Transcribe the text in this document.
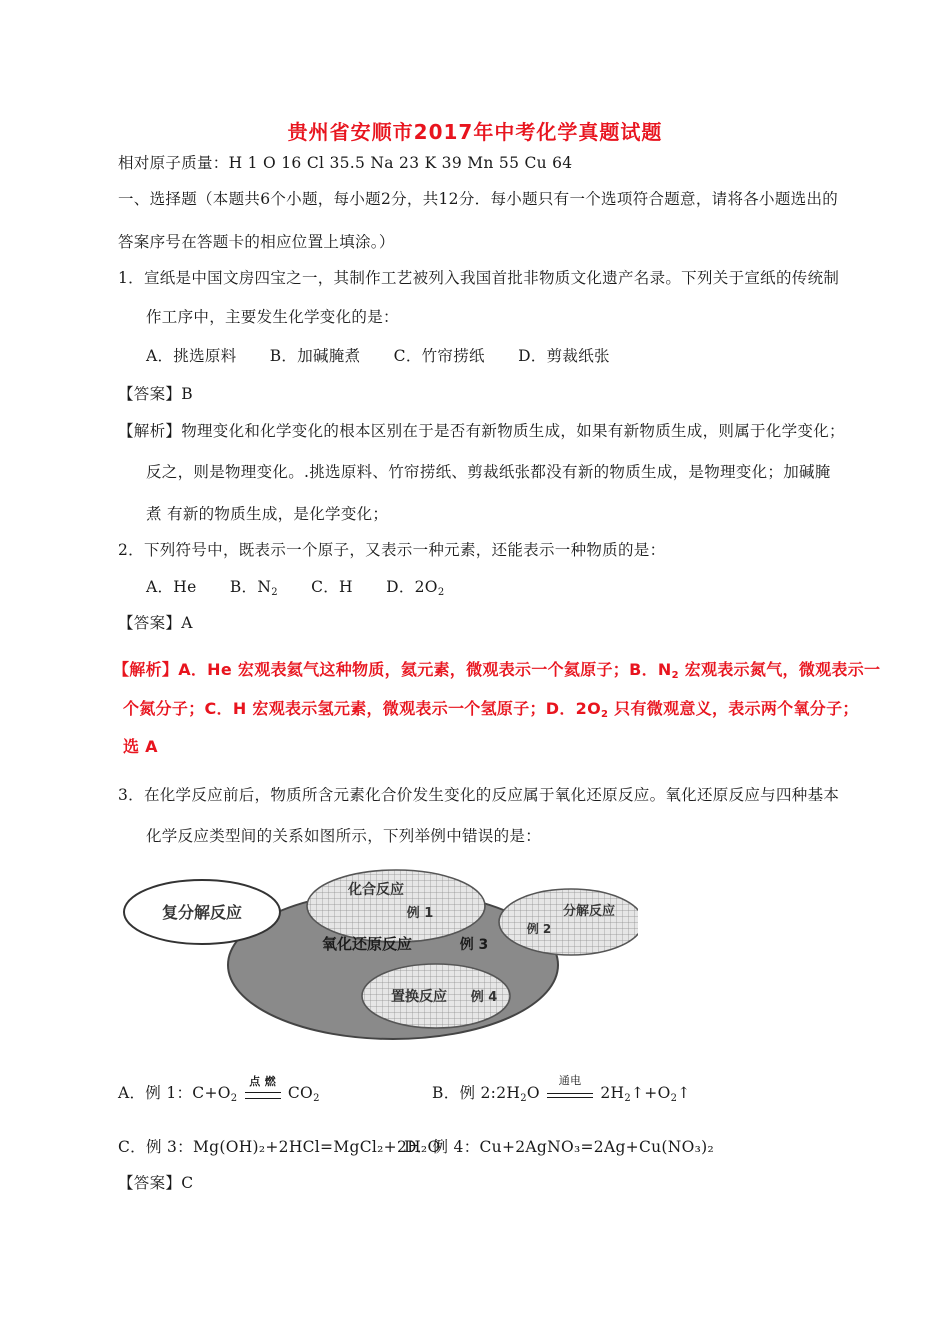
贵州省安顺市2017年中考化学真题试题
相对原子质量：H 1 O 16 Cl 35.5 Na 23 K 39 Mn 55 Cu 64
一、选择题（本题共6个小题，每小题2分，共12分．每小题只有一个选项符合题意，请将各小题选出的
答案序号在答题卡的相应位置上填涂。）
1．宣纸是中国文房四宝之一，其制作工艺被列入我国首批非物质文化遗产名录。下列关于宣纸的传统制
作工序中，主要发生化学变化的是：
A．挑选原料 B．加碱腌煮 C．竹帘捞纸 D．剪裁纸张
【答案】B
【解析】物理变化和化学变化的根本区别在于是否有新物质生成，如果有新物质生成，则属于化学变化；
反之，则是物理变化。.挑选原料、竹帘捞纸、剪裁纸张都没有新的物质生成，是物理变化；加碱腌
煮 有新的物质生成，是化学变化；
2．下列符号中，既表示一个原子，又表示一种元素，还能表示一种物质的是：
A．He B．$N_2$ C．H D．$2O_2$
【答案】A
【解析】A．He 宏观表氦气这种物质，氦元素，微观表示一个氦原子；B．$N_2$ 宏观表示氮气，微观表示一
个氮分子；C．H 宏观表示氢元素，微观表示一个氢原子；D．$2O_2$ 只有微观意义，表示两个氧分子；
选 A
3．在化学反应前后，物质所含元素化合价发生变化的反应属于氧化还原反应。氧化还原反应与四种基本
化学反应类型间的关系如图所示，下列举例中错误的是：
复分解反应
化合反应
例 1	分解反应
例 2
氧化还原反应	例 3
置换反应 例 4
A．例 1：$C+O_2$
点 燃
$CO_2$	B．例 $2:2H_2O$
通电
$2H_2↑+O_2↑$
C．例 3：Mg(OH)₂+2HCl=MgCl₂+2H₂O
D．例 4：Cu+2AgNO₃=2Ag+Cu(NO₃)₂
【答案】C
